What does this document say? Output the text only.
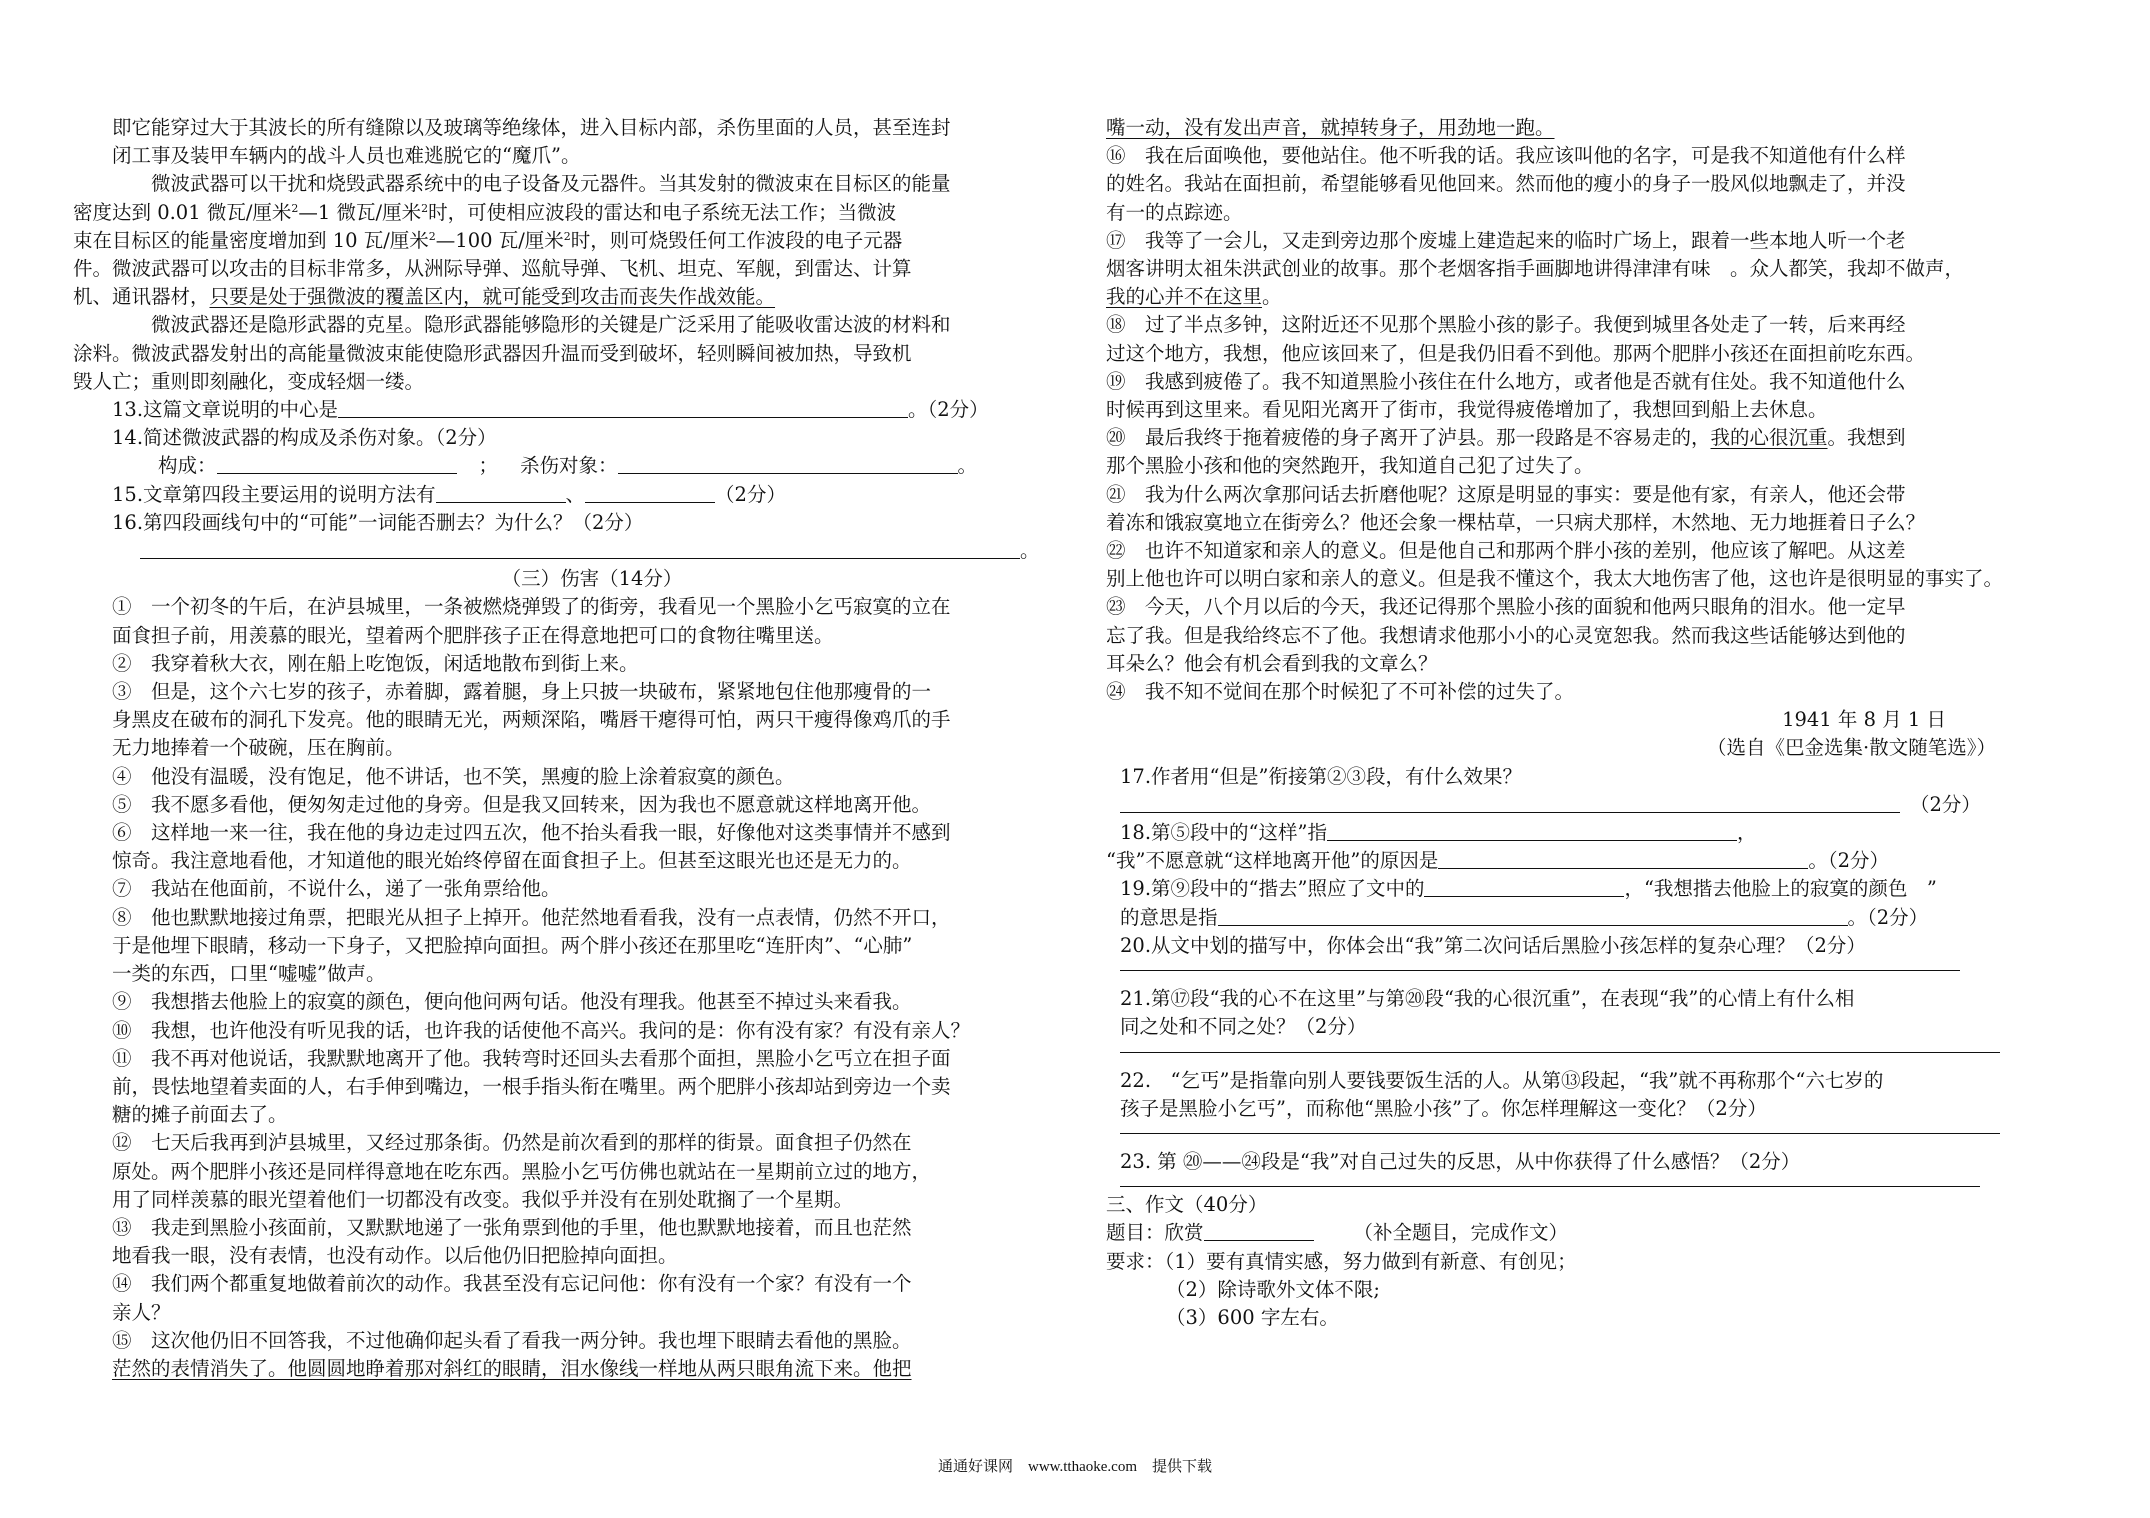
即它能穿过大于其波长的所有缝隙以及玻璃等绝缘体，进入目标内部，杀伤里面的人员，甚至连封
闭工事及装甲车辆内的战斗人员也难逃脱它的“魔爪”。

微波武器可以干扰和烧毁武器系统中的电子设备及元器件。当其发射的微波束在目标区的能量
密度达到 0.01 微瓦/厘米$^2$—1 微瓦/厘米$^2$时，可使相应波段的雷达和电子系统无法工作；当微波
束在目标区的能量密度增加到 10 瓦/厘米$^2$—100 瓦/厘米$^2$时，则可烧毁任何工作波段的电子元器
件。微波武器可以攻击的目标非常多，从洲际导弹、巡航导弹、飞机、坦克、军舰，到雷达、计算
机、通讯器材，只要是处于强微波的覆盖区内，就可能受到攻击而丧失作战效能。

微波武器还是隐形武器的克星。隐形武器能够隐形的关键是广泛采用了能吸收雷达波的材料和
涂料。微波武器发射出的高能量微波束能使隐形武器因升温而受到破坏，轻则瞬间被加热，导致机
毁人亡；重则即刻融化，变成轻烟一缕。

13.这篇文章说明的中心是	。（2分）

14.简述微波武器的构成及杀伤对象。（2分）

构成：	； 杀伤对象：	。

15.文章第四段主要运用的说明方法有	、	（2分）

16.第四段画线句中的“可能”一词能否删去？为什么？（2分）

。

（三）伤害（14分）

①　一个初冬的午后，在泸县城里，一条被燃烧弹毁了的街旁，我看见一个黑脸小乞丐寂寞的立在
面食担子前，用羡慕的眼光，望着两个肥胖孩子正在得意地把可口的食物往嘴里送。

②　我穿着秋大衣，刚在船上吃饱饭，闲适地散布到街上来。

③　但是，这个六七岁的孩子，赤着脚，露着腿，身上只披一块破布，紧紧地包住他那瘦骨的一
身黑皮在破布的洞孔下发亮。他的眼睛无光，两颊深陷，嘴唇干瘪得可怕，两只干瘦得像鸡爪的手
无力地捧着一个破碗，压在胸前。

④　他没有温暖，没有饱足，他不讲话，也不笑，黑瘦的脸上涂着寂寞的颜色。

⑤　我不愿多看他，便匆匆走过他的身旁。但是我又回转来，因为我也不愿意就这样地离开他。

⑥　这样地一来一往，我在他的身边走过四五次，他不抬头看我一眼，好像他对这类事情并不感到
惊奇。我注意地看他，才知道他的眼光始终停留在面食担子上。但甚至这眼光也还是无力的。

⑦　我站在他面前，不说什么，递了一张角票给他。

⑧　他也默默地接过角票，把眼光从担子上掉开。他茫然地看看我，没有一点表情，仍然不开口，
于是他埋下眼睛，移动一下身子，又把脸掉向面担。两个胖小孩还在那里吃“连肝肉”、“心肺”
一类的东西，口里“嘘嘘”做声。

⑨　我想揩去他脸上的寂寞的颜色，便向他问两句话。他没有理我。他甚至不掉过头来看我。

⑩　我想，也许他没有听见我的话，也许我的话使他不高兴。我问的是：你有没有家？有没有亲人？

⑪　我不再对他说话，我默默地离开了他。我转弯时还回头去看那个面担，黑脸小乞丐立在担子面
前，畏怯地望着卖面的人，右手伸到嘴边，一根手指头衔在嘴里。两个肥胖小孩却站到旁边一个卖
糖的摊子前面去了。

⑫　七天后我再到泸县城里，又经过那条街。仍然是前次看到的那样的街景。面食担子仍然在
原处。两个肥胖小孩还是同样得意地在吃东西。黑脸小乞丐仿佛也就站在一星期前立过的地方，
用了同样羡慕的眼光望着他们一切都没有改变。我似乎并没有在别处耽搁了一个星期。

⑬　我走到黑脸小孩面前，又默默地递了一张角票到他的手里，他也默默地接着，而且也茫然
地看我一眼，没有表情，也没有动作。以后他仍旧把脸掉向面担。

⑭　我们两个都重复地做着前次的动作。我甚至没有忘记问他：你有没有一个家？有没有一个
亲人？

⑮　这次他仍旧不回答我，不过他确仰起头看了看我一两分钟。我也埋下眼睛去看他的黑脸。
茫然的表情消失了。他圆圆地睁着那对斜红的眼睛，泪水像线一样地从两只眼角流下来。他把

嘴一动，没有发出声音，就掉转身子，用劲地一跑。

⑯　我在后面唤他，要他站住。他不听我的话。我应该叫他的名字，可是我不知道他有什么样
的姓名。我站在面担前，希望能够看见他回来。然而他的瘦小的身子一股风似地飘走了，并没
有一的点踪迹。

⑰　我等了一会儿，又走到旁边那个废墟上建造起来的临时广场上，跟着一些本地人听一个老
烟客讲明太祖朱洪武创业的故事。那个老烟客指手画脚地讲得津津有味　。众人都笑，我却不做声，
我的心并不在这里。

⑱　过了半点多钟，这附近还不见那个黑脸小孩的影子。我便到城里各处走了一转，后来再经
过这个地方，我想，他应该回来了，但是我仍旧看不到他。那两个肥胖小孩还在面担前吃东西。

⑲　我感到疲倦了。我不知道黑脸小孩住在什么地方，或者他是否就有住处。我不知道他什么
时候再到这里来。看见阳光离开了街市，我觉得疲倦增加了，我想回到船上去休息。

⑳　最后我终于拖着疲倦的身子离开了泸县。那一段路是不容易走的，我的心很沉重。我想到
那个黑脸小孩和他的突然跑开，我知道自己犯了过失了。

㉑　我为什么两次拿那问话去折磨他呢？这原是明显的事实：要是他有家，有亲人，他还会带
着冻和饿寂寞地立在街旁么？他还会象一棵枯草，一只病犬那样，木然地、无力地捱着日子么？

㉒　也许不知道家和亲人的意义。但是他自己和那两个胖小孩的差别，他应该了解吧。从这差
别上他也许可以明白家和亲人的意义。但是我不懂这个，我太大地伤害了他，这也许是很明显的事实了。

㉓　今天，八个月以后的今天，我还记得那个黑脸小孩的面貌和他两只眼角的泪水。他一定早
忘了我。但是我给终忘不了他。我想请求他那小小的心灵宽恕我。然而我这些话能够达到他的
耳朵么？他会有机会看到我的文章么？

㉔　我不知不觉间在那个时候犯了不可补偿的过失了。

1941 年 8 月 1 日

（选自《巴金选集·散文随笔选》）

17.作者用“但是”衔接第②③段，有什么效果？

（2分）

18.第⑤段中的“这样”指	，

“我”不愿意就“这样地离开他”的原因是	。（2分）

19.第⑨段中的“揩去”照应了文中的	，“我想揩去他脸上的寂寞的颜色　”

的意思是指	。（2分）

20.从文中划的描写中，你体会出“我”第二次问话后黑脸小孩怎样的复杂心理？（2分）

21.第⑰段“我的心不在这里”与第⑳段“我的心很沉重”，在表现“我”的心情上有什么相
同之处和不同之处？（2分）

22.　“乞丐”是指靠向别人要钱要饭生活的人。从第⑬段起，“我”就不再称那个“六七岁的
孩子是黑脸小乞丐”，而称他“黑脸小孩”了。你怎样理解这一变化？（2分）

23. 第 ⑳——㉔段是“我”对自己过失的反思，从中你获得了什么感悟？（2分）

三、作文（40分）

题目：欣赏	（补全题目，完成作文）

要求：（1）要有真情实感，努力做到有新意、有创见；

（2）除诗歌外文体不限;

（3）600 字左右。

通通好课网　www.tthaoke.com　提供下载
